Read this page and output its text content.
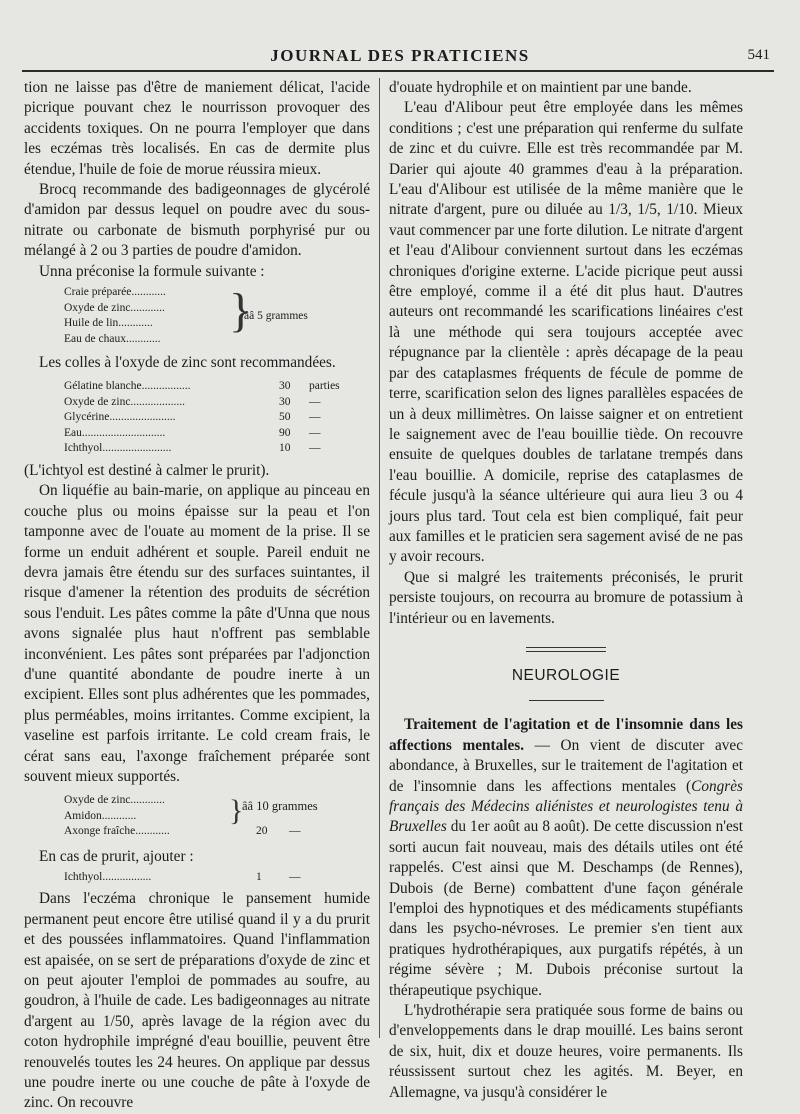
JOURNAL DES PRATICIENS	541

tion ne laisse pas d'être de maniement délicat, l'acide picrique pouvant chez le nourrisson provoquer des accidents toxiques. On ne pourra l'employer que dans les eczémas très localisés. En cas de dermite plus étendue, l'huile de foie de morue réussira mieux.

Brocq recommande des badigeonnages de glycérolé d'amidon par dessus lequel on poudre avec du sous-nitrate ou carbonate de bismuth porphyrisé pur ou mélangé à 2 ou 3 parties de poudre d'amidon.

Unna préconise la formule suivante :

Craie préparée............
Oxyde de zinc............
Huile de lin............
Eau de chaux............
}
ââ 5 grammes

Les colles à l'oxyde de zinc sont recommandées.

Gélatine blanche.................	30 parties
Oxyde de zinc...................	30 —
Glycérine.......................	50 —
Eau.............................	90 —
Ichthyol........................	10 —

(L'ichtyol est destiné à calmer le prurit).

On liquéfie au bain-marie, on applique au pinceau en couche plus ou moins épaisse sur la peau et l'on tamponne avec de l'ouate au moment de la prise. Il se forme un enduit adhérent et souple. Pareil enduit ne devra jamais être étendu sur des surfaces suintantes, il risque d'amener la rétention des produits de sécrétion sous l'enduit. Les pâtes comme la pâte d'Unna que nous avons signalée plus haut n'offrent pas semblable inconvénient. Les pâtes sont préparées par l'adjonction d'une quantité abondante de poudre inerte à un excipient. Elles sont plus adhérentes que les pommades, plus perméables, moins irritantes. Comme excipient, la vaseline est parfois irritante. Le cold cream frais, le cérat sans eau, l'axonge fraîchement préparée sont souvent mieux supportés.

Oxyde de zinc............
Amidon............
Axonge fraîche............	20 —
}
ââ 10 grammes

En cas de prurit, ajouter :

Ichthyol.................	1 —

Dans l'eczéma chronique le pansement humide permanent peut encore être utilisé quand il y a du prurit et des poussées inflammatoires. Quand l'inflammation est apaisée, on se sert de préparations d'oxyde de zinc et on peut ajouter l'emploi de pommades au soufre, au goudron, à l'huile de cade. Les badigeonnages au nitrate d'argent au 1/50, après lavage de la région avec du coton hydrophile imprégné d'eau bouillie, peuvent être renouvelés toutes les 24 heures. On applique par dessus une poudre inerte ou une couche de pâte à l'oxyde de zinc. On recouvre

d'ouate hydrophile et on maintient par une bande.

L'eau d'Alibour peut être employée dans les mêmes conditions ; c'est une préparation qui renferme du sulfate de zinc et du cuivre. Elle est très recommandée par M. Darier qui ajoute 40 grammes d'eau à la préparation. L'eau d'Alibour est utilisée de la même manière que le nitrate d'argent, pure ou diluée au 1/3, 1/5, 1/10. Mieux vaut commencer par une forte dilution. Le nitrate d'argent et l'eau d'Alibour conviennent surtout dans les eczémas chroniques d'origine externe. L'acide picrique peut aussi être employé, comme il a été dit plus haut. D'autres auteurs ont recommandé les scarifications linéaires c'est là une méthode qui sera toujours acceptée avec répugnance par la clientèle : après décapage de la peau par des cataplasmes fréquents de fécule de pomme de terre, scarification selon des lignes parallèles espacées de un à deux millimètres. On laisse saigner et on entretient le saignement avec de l'eau bouillie tiède. On recouvre ensuite de quelques doubles de tarlatane trempés dans l'eau bouillie. A domicile, reprise des cataplasmes de fécule jusqu'à la séance ultérieure qui aura lieu 3 ou 4 jours plus tard. Tout cela est bien compliqué, fait peur aux familles et le praticien sera sagement avisé de ne pas y avoir recours.

Que si malgré les traitements préconisés, le prurit persiste toujours, on recourra au bromure de potassium à l'intérieur ou en lavements.

NEUROLOGIE

Traitement de l'agitation et de l'insomnie dans les affections mentales. — On vient de discuter avec abondance, à Bruxelles, sur le traitement de l'agitation et de l'insomnie dans les affections mentales (Congrès français des Médecins aliénistes et neurologistes tenu à Bruxelles du 1er août au 8 août). De cette discussion n'est sorti aucun fait nouveau, mais des détails utiles ont été rappelés. C'est ainsi que M. Deschamps (de Rennes), Dubois (de Berne) combattent d'une façon générale l'emploi des hypnotiques et des médicaments stupéfiants dans les psycho-névroses. Le premier s'en tient aux pratiques hydrothérapiques, aux purgatifs répétés, à un régime sévère ; M. Dubois préconise surtout la thérapeutique psychique.

L'hydrothérapie sera pratiquée sous forme de bains ou d'enveloppements dans le drap mouillé. Les bains seront de six, huit, dix et douze heures, voire permanents. Ils réussissent surtout chez les agités. M. Beyer, en Allemagne, va jusqu'à considérer le
